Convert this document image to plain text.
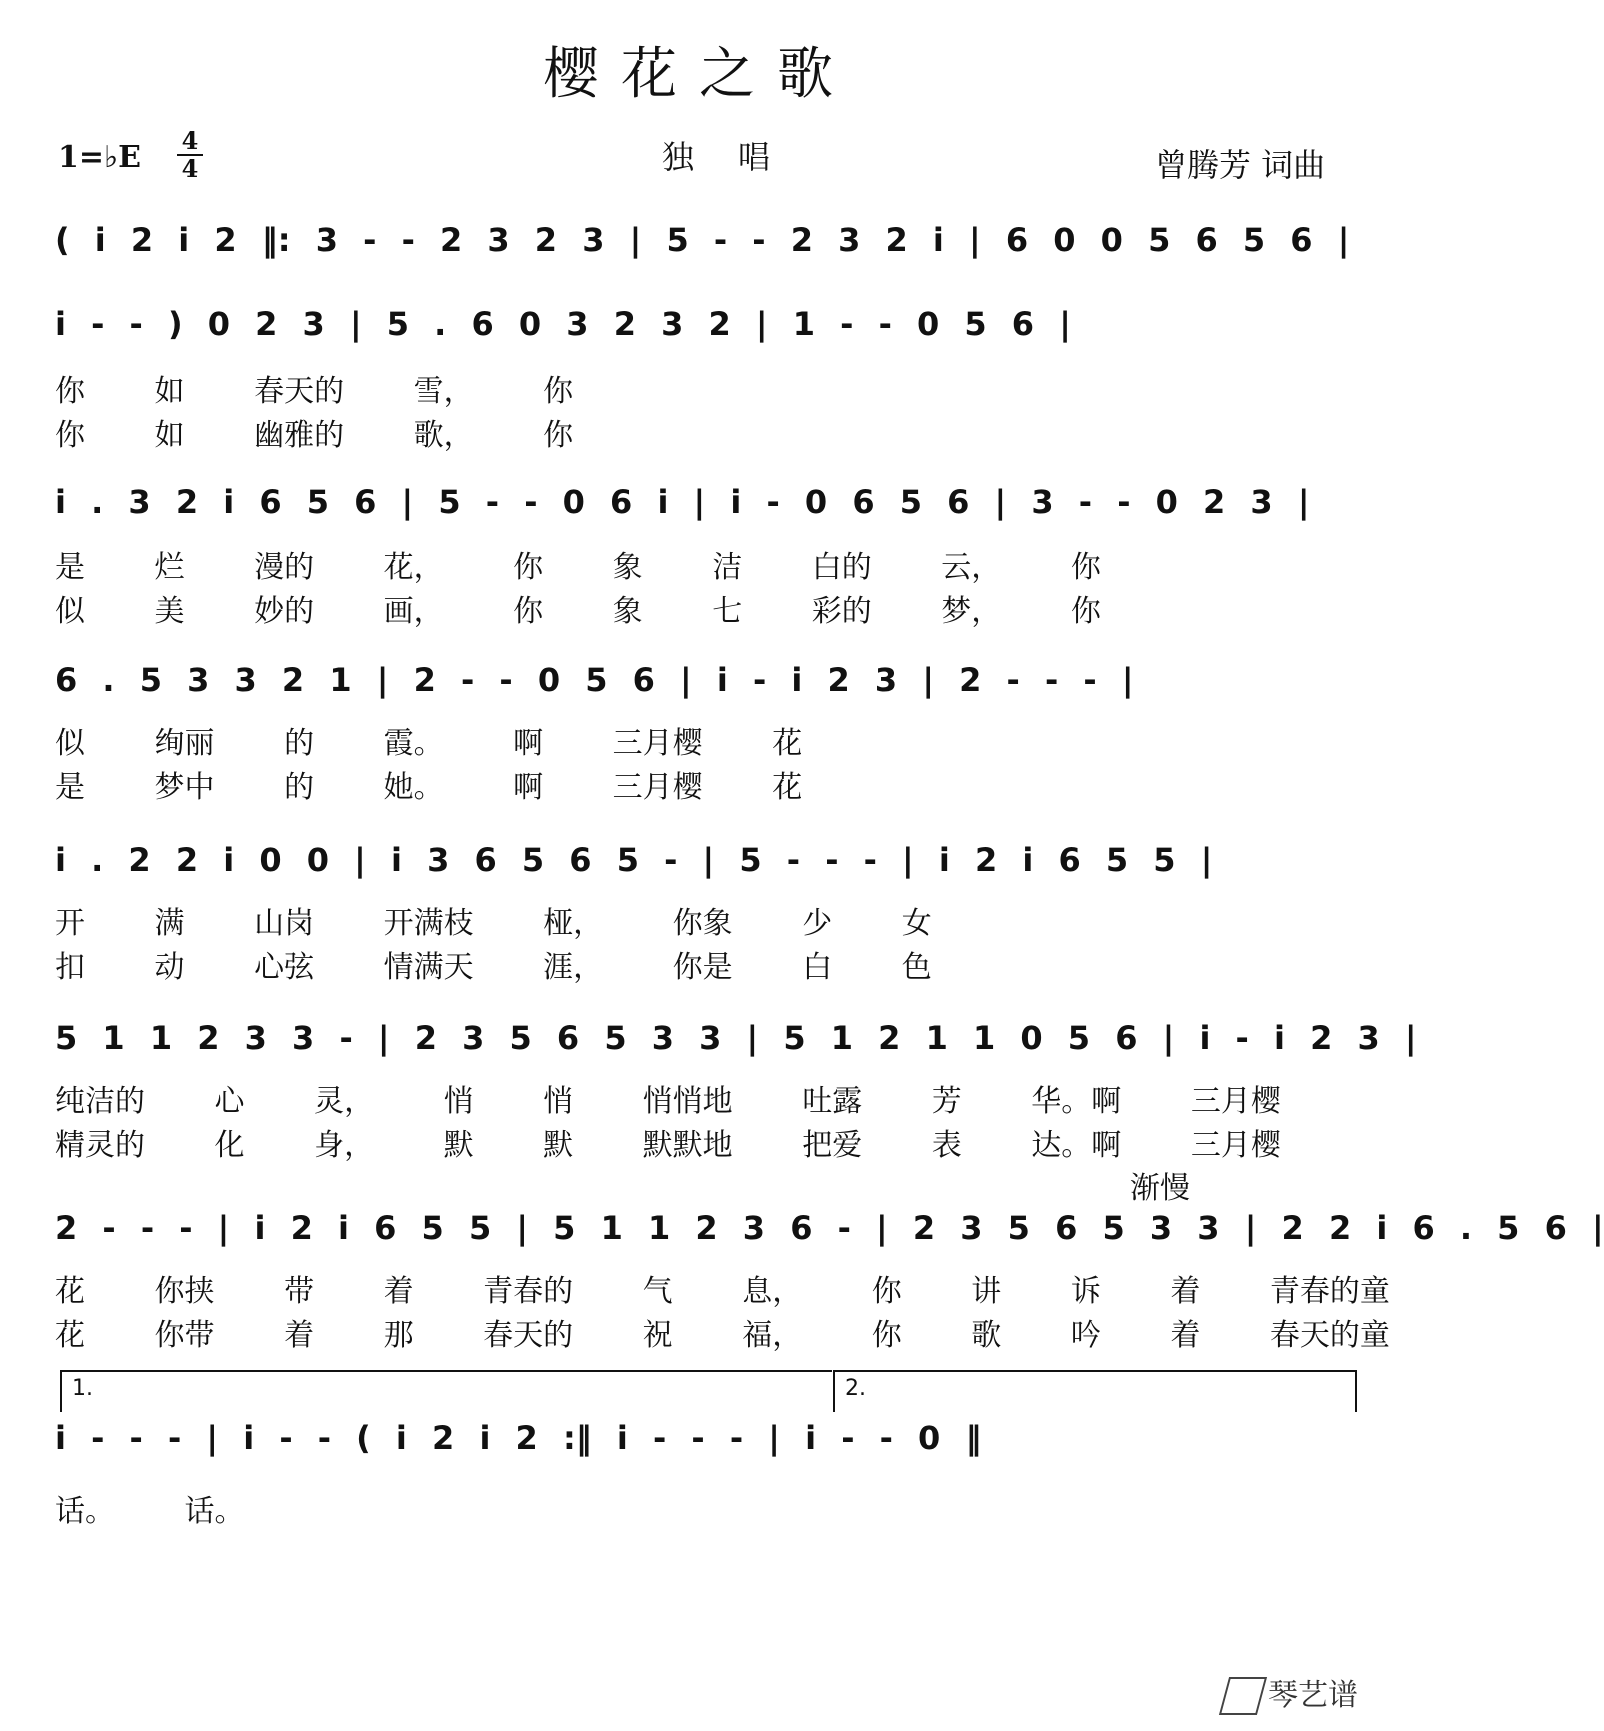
樱花之歌
1=♭E 4
4	独唱	曾腾芳 词曲
( i 2 i 2 ‖: 3 - - 2 3 2 3 | 5 - - 2 3 2 i | 6 0 0 5 6 5 6 |
i - - ) 0 2 3 | 5 . 6 0 3 2 3 2 | 1 - - 0 5 6 |
你 如 春天的 雪， 你
你 如 幽雅的 歌， 你
i . 3 2 i 6 5 6 | 5 - - 0 6 i | i - 0 6 5 6 | 3 - - 0 2 3 |
是 烂 漫的 花， 你 象 洁 白的 云， 你
似 美 妙的 画， 你 象 七 彩的 梦， 你
6 . 5 3 3 2 1 | 2 - - 0 5 6 | i - i 2 3 | 2 - - - |
似 绚丽 的 霞。 啊 三月樱 花
是 梦中 的 她。 啊 三月樱 花
i . 2 2 i 0 0 | i 3 6 5 6 5 - | 5 - - - | i 2 i 6 5 5 |
开 满 山岗 开满枝 桠， 你象 少 女
扣 动 心弦 情满天 涯， 你是 白 色
5 1 1 2 3 3 - | 2 3 5 6 5 3 3 | 5 1 2 1 1 0 5 6 | i - i 2 3 |
纯洁的 心 灵， 悄 悄 悄悄地 吐露 芳 华。啊 三月樱
精灵的 化 身， 默 默 默默地 把爱 表 达。啊 三月樱
渐慢
2 - - - | i 2 i 6 5 5 | 5 1 1 2 3 6 - | 2 3 5 6 5 3 3 | 2 2 i 6 . 5 6 |
花 你挟 带 着 青春的 气 息， 你 讲 诉 着 青春的童
花 你带 着 那 春天的 祝 福， 你 歌 吟 着 春天的童
1.	2.
i - - - | i - - ( i 2 i 2 :‖ i - - - | i - - 0 ‖
话。 话。
琴艺谱
